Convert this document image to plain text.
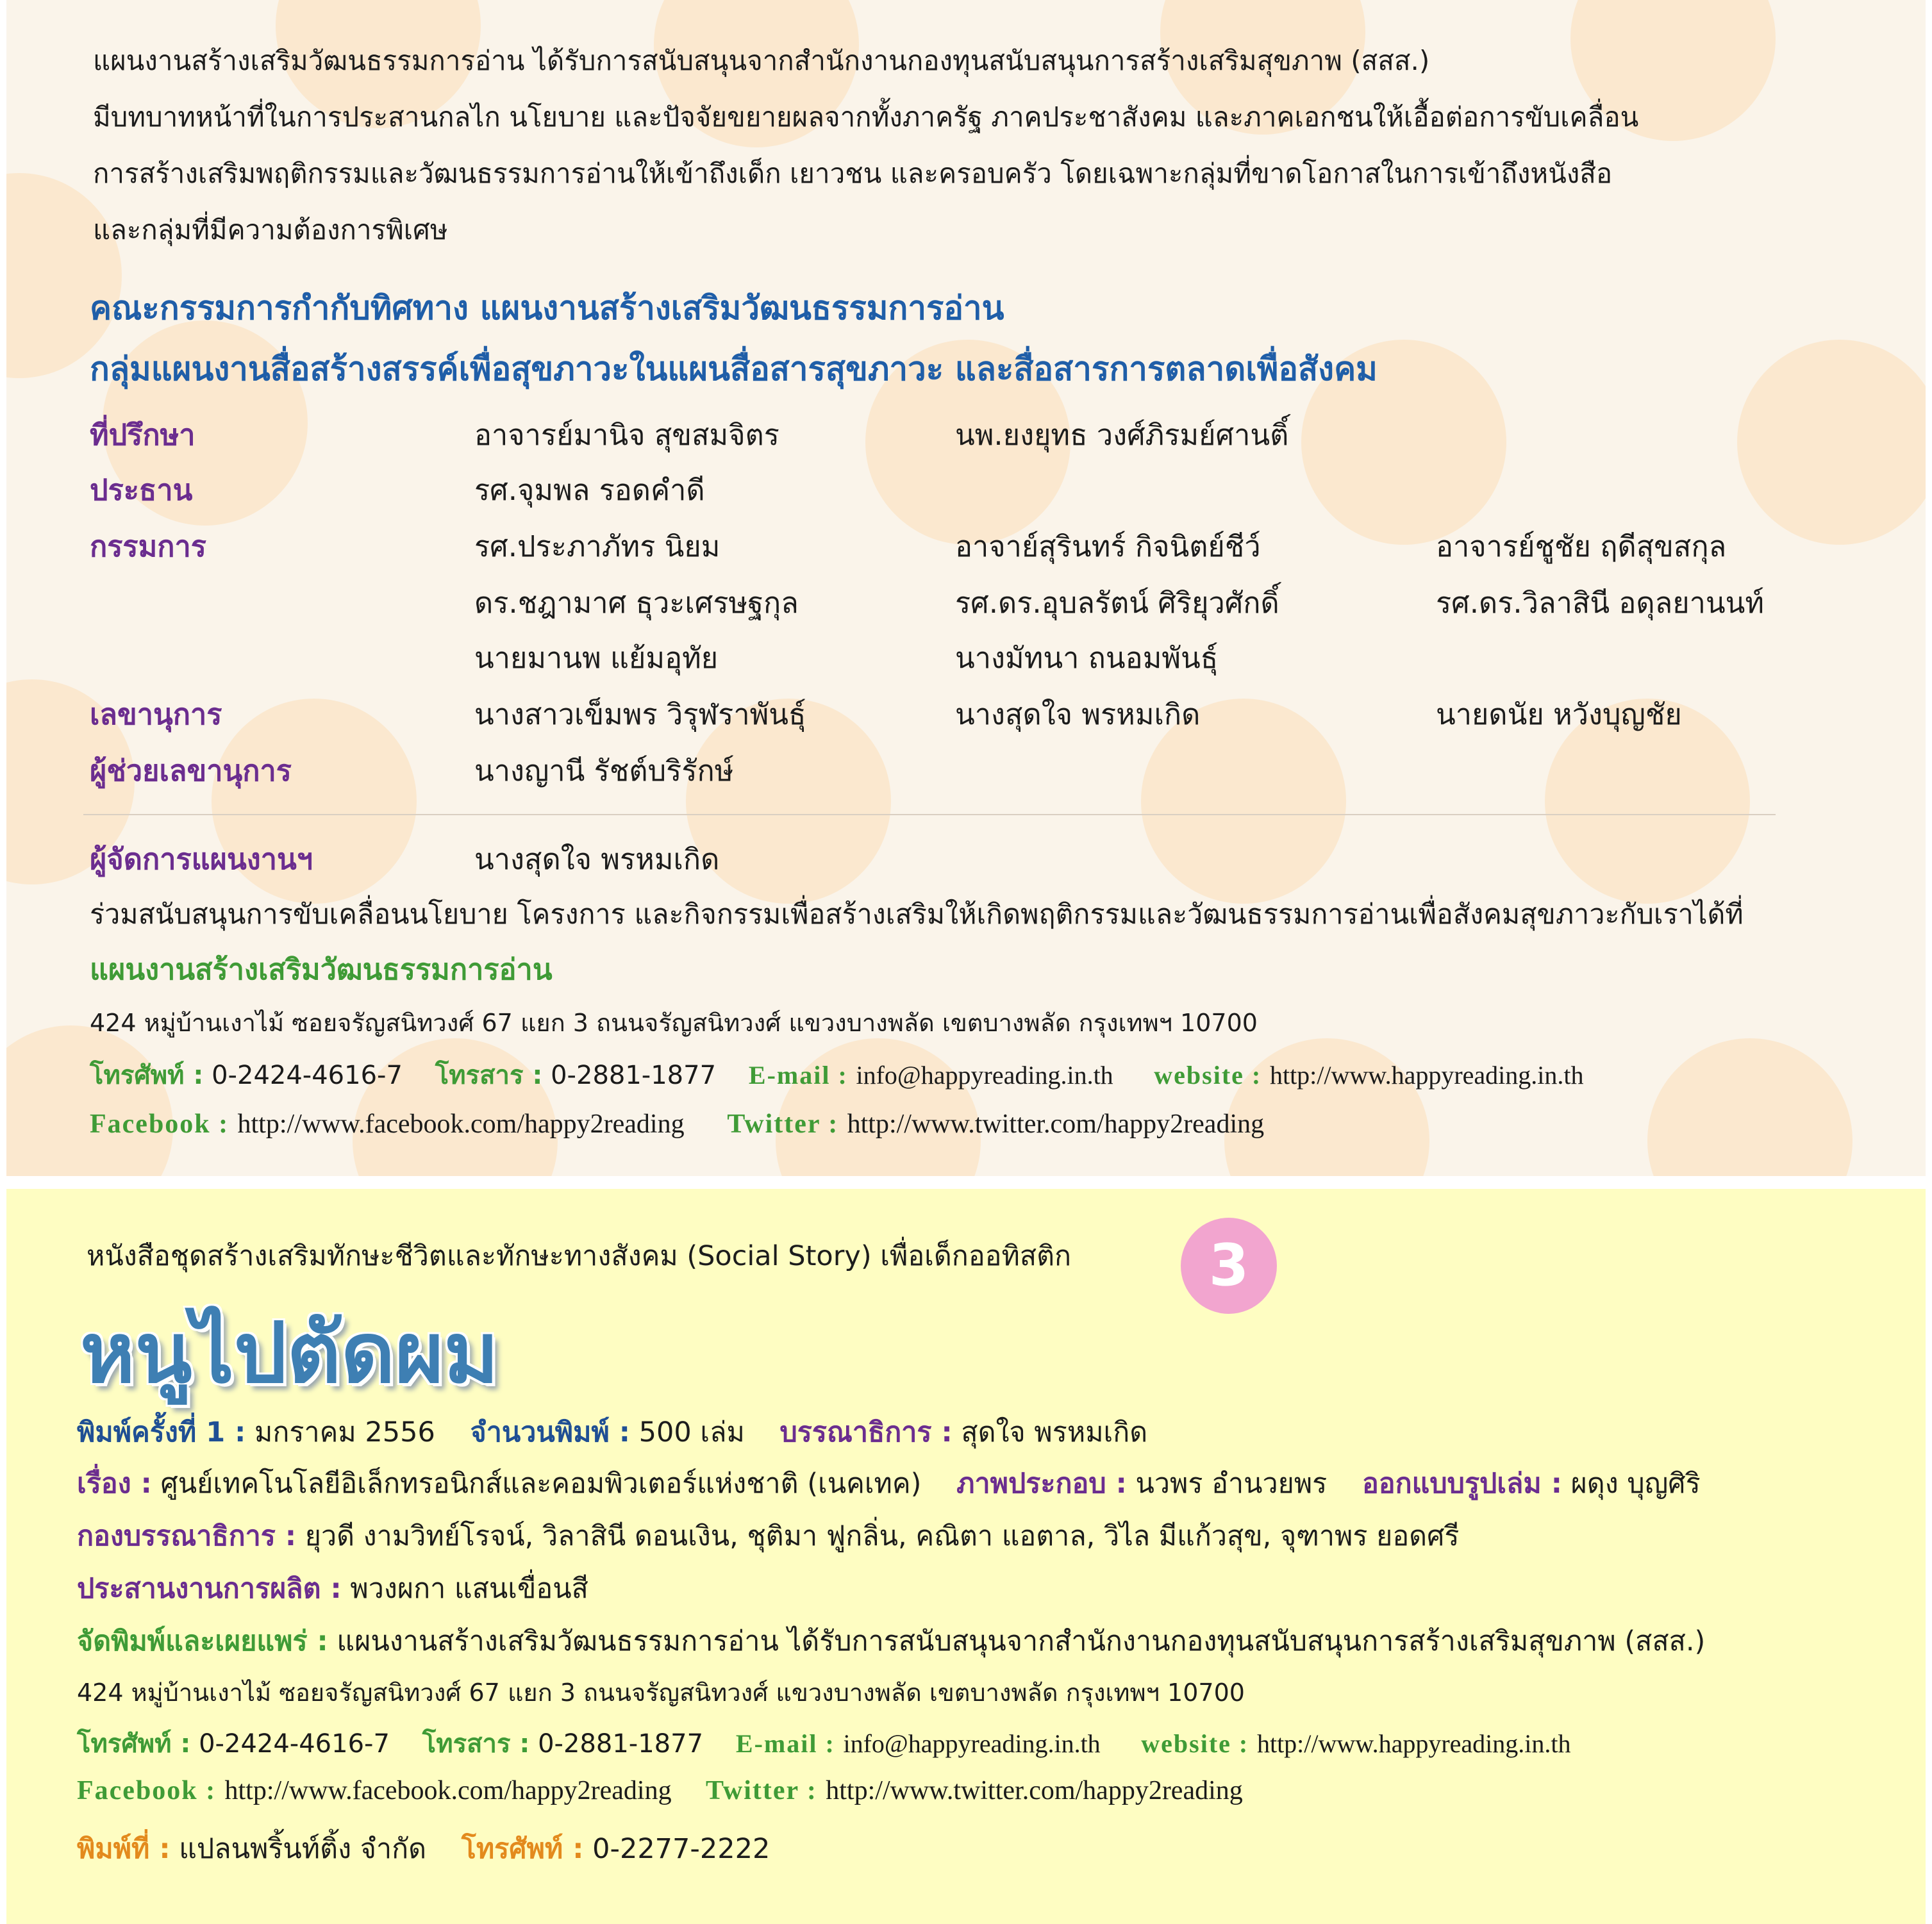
แผนงานสร้างเสริมวัฒนธรรมการอ่าน ได้รับการสนับสนุนจากสำนักงานกองทุนสนับสนุนการสร้างเสริมสุขภาพ (สสส.)
มีบทบาทหน้าที่ในการประสานกลไก นโยบาย และปัจจัยขยายผลจากทั้งภาครัฐ ภาคประชาสังคม และภาคเอกชนให้เอื้อต่อการขับเคลื่อน
การสร้างเสริมพฤติกรรมและวัฒนธรรมการอ่านให้เข้าถึงเด็ก เยาวชน และครอบครัว โดยเฉพาะกลุ่มที่ขาดโอกาสในการเข้าถึงหนังสือ
และกลุ่มที่มีความต้องการพิเศษ
คณะกรรมการกำกับทิศทาง แผนงานสร้างเสริมวัฒนธรรมการอ่าน
กลุ่มแผนงานสื่อสร้างสรรค์เพื่อสุขภาวะในแผนสื่อสารสุขภาวะ และสื่อสารการตลาดเพื่อสังคม
ที่ปรึกษา	อาจารย์มานิจ สุขสมจิตร	นพ.ยงยุทธ วงศ์ภิรมย์ศานติ์
ประธาน	รศ.จุมพล รอดคำดี
กรรมการ	รศ.ประภาภัทร นิยม	อาจาย์สุรินทร์ กิจนิตย์ชีว์	อาจารย์ชูชัย ฤดีสุขสกุล
ดร.ชฎามาศ ธุวะเศรษฐกุล	รศ.ดร.อุบลรัตน์ ศิริยุวศักดิ์	รศ.ดร.วิลาสินี อดุลยานนท์
นายมานพ แย้มอุทัย	นางมัทนา ถนอมพันธุ์
เลขานุการ	นางสาวเข็มพร วิรุฬราพันธุ์	นางสุดใจ พรหมเกิด	นายดนัย หวังบุญชัย
ผู้ช่วยเลขานุการ	นางญานี รัชต์บริรักษ์
ผู้จัดการแผนงานฯ	นางสุดใจ พรหมเกิด
ร่วมสนับสนุนการขับเคลื่อนนโยบาย โครงการ และกิจกรรมเพื่อสร้างเสริมให้เกิดพฤติกรรมและวัฒนธรรมการอ่านเพื่อสังคมสุขภาวะกับเราได้ที่
แผนงานสร้างเสริมวัฒนธรรมการอ่าน
424 หมู่บ้านเงาไม้ ซอยจรัญสนิทวงศ์ 67 แยก 3 ถนนจรัญสนิทวงศ์ แขวงบางพลัด เขตบางพลัด กรุงเทพฯ 10700
โทรศัพท์ : 0-2424-4616-7 โทรสาร : 0-2881-1877 E-mail : info@happyreading.in.th website : http://www.happyreading.in.th
Facebook : http://www.facebook.com/happy2reading Twitter : http://www.twitter.com/happy2reading
หนังสือชุดสร้างเสริมทักษะชีวิตและทักษะทางสังคม (Social Story) เพื่อเด็กออทิสติก	3
หนูไปตัดผม
พิมพ์ครั้งที่ 1 : มกราคม 2556 จำนวนพิมพ์ : 500 เล่ม บรรณาธิการ : สุดใจ พรหมเกิด
เรื่อง : ศูนย์เทคโนโลยีอิเล็กทรอนิกส์และคอมพิวเตอร์แห่งชาติ (เนคเทค) ภาพประกอบ : นวพร อำนวยพร ออกแบบรูปเล่ม : ผดุง บุญศิริ
กองบรรณาธิการ : ยุวดี งามวิทย์โรจน์, วิลาสินี ดอนเงิน, ชุติมา ฟูกลิ่น, คณิตา แอตาล, วิไล มีแก้วสุข, จุฑาพร ยอดศรี
ประสานงานการผลิต : พวงผกา แสนเขื่อนสี
จัดพิมพ์และเผยแพร่ : แผนงานสร้างเสริมวัฒนธรรมการอ่าน ได้รับการสนับสนุนจากสำนักงานกองทุนสนับสนุนการสร้างเสริมสุขภาพ (สสส.)
424 หมู่บ้านเงาไม้ ซอยจรัญสนิทวงศ์ 67 แยก 3 ถนนจรัญสนิทวงศ์ แขวงบางพลัด เขตบางพลัด กรุงเทพฯ 10700
โทรศัพท์ : 0-2424-4616-7 โทรสาร : 0-2881-1877 E-mail : info@happyreading.in.th website : http://www.happyreading.in.th
Facebook : http://www.facebook.com/happy2reading Twitter : http://www.twitter.com/happy2reading
พิมพ์ที่ : แปลนพริ้นท์ติ้ง จำกัด โทรศัพท์ : 0-2277-2222
